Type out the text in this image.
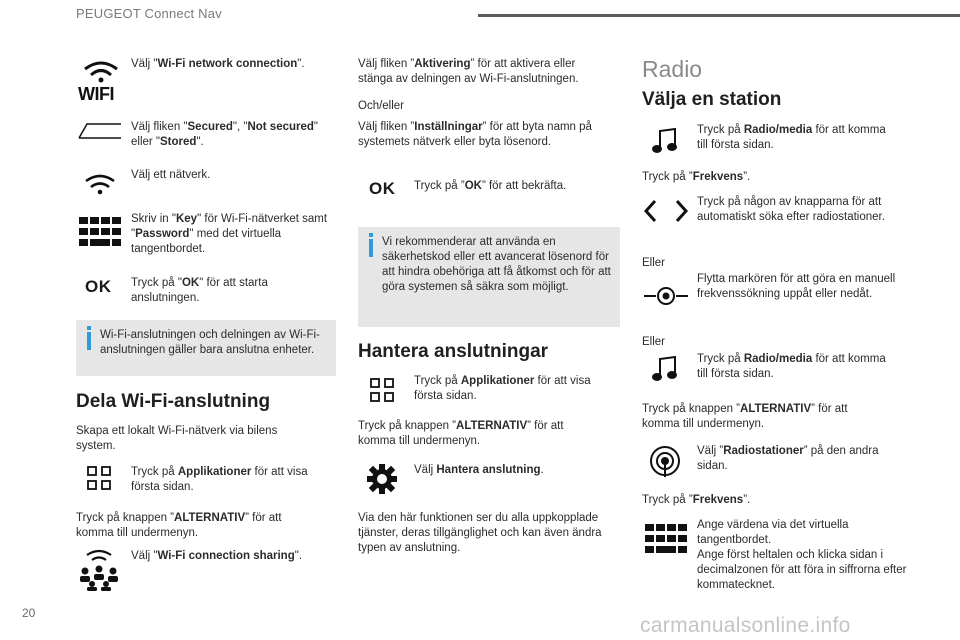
PEUGEOT Connect Nav
WIFI
Välj "Wi-Fi network connection".
Välj fliken "Secured", "Not secured" eller "Stored".
Välj ett nätverk.
Skriv in "Key" för Wi-Fi-nätverket samt "Password" med det virtuella tangentbordet.
OK Tryck på "OK" för att starta anslutningen.
Wi-Fi-anslutningen och delningen av Wi-Fi-anslutningen gäller bara anslutna enheter.
Dela Wi-Fi-anslutning
Skapa ett lokalt Wi-Fi-nätverk via bilens system.
Tryck på Applikationer för att visa första sidan.
Tryck på knappen ”ALTERNATIV” för att komma till undermenyn.
Välj "Wi-Fi connection sharing".
Välj fliken ”Aktivering” för att aktivera eller stänga av delningen av Wi-Fi-anslutningen.
Och/eller
Välj fliken ”Inställningar” för att byta namn på systemets nätverk eller byta lösenord.
OK Tryck på ”OK” för att bekräfta.
Vi rekommenderar att använda en säkerhetskod eller ett avancerat lösenord för att hindra obehöriga att få åtkomst och för att göra systemen så säkra som möjligt.
Hantera anslutningar
Tryck på Applikationer för att visa första sidan.
Tryck på knappen ”ALTERNATIV” för att komma till undermenyn.
Välj Hantera anslutning.
Via den här funktionen ser du alla uppkopplade tjänster, deras tillgänglighet och kan även ändra typen av anslutning.
Radio
Välja en station
Tryck på Radio/media för att komma till första sidan.
Tryck på ”Frekvens”.
Tryck på någon av knapparna för att automatiskt söka efter radiostationer.
Eller
Flytta markören för att göra en manuell frekvenssökning uppåt eller nedåt.
Eller
Tryck på Radio/media för att komma till första sidan.
Tryck på knappen ”ALTERNATIV” för att komma till undermenyn.
Välj ”Radiostationer” på den andra sidan.
Tryck på ”Frekvens”.
Ange värdena via det virtuella tangentbordet.
Ange först heltalen och klicka sidan i decimalzonen för att föra in siffrorna efter kommatecknet.
20
carmanualsonline.info
